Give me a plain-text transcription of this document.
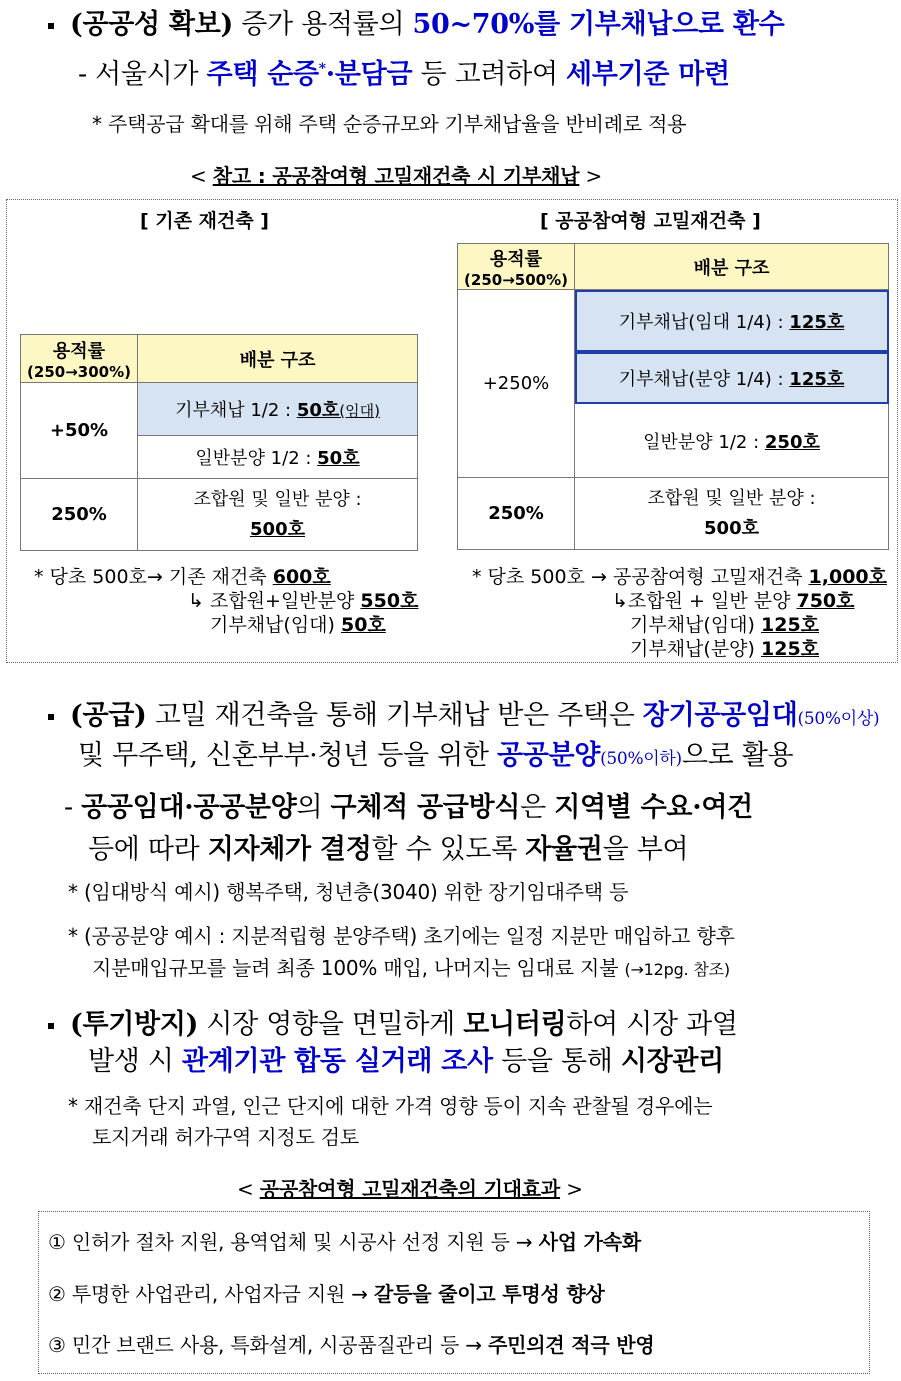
(공공성 확보) 증가 용적률의 50~70%를 기부채납으로 환수
- 서울시가 주택 순증*·분담금 등 고려하여 세부기준 마련
* 주택공급 확대를 위해 주택 순증규모와 기부채납율을 반비례로 적용
< 참고 : 공공참여형 고밀재건축 시 기부채납 >
[ 기존 재건축 ]	[ 공공참여형 고밀재건축 ]
용적률
(250→300%)	배분 구조
+50%	기부채납 1/2 : 50호(임대)
	일반분양 1/2 : 50호
250%	조합원 및 일반 분양 :
500호
용적률
(250→500%)	배분 구조
+250%	기부채납(임대 1/4) : 125호
	기부채납(분양 1/4) : 125호
	일반분양 1/2 : 250호
250%	조합원 및 일반 분양 :
500호
* 당초 500호→ 기존 재건축 600호
↳ 조합원+일반분양 550호
기부채납(임대) 50호
* 당초 500호 → 공공참여형 고밀재건축 1,000호
↳조합원 + 일반 분양 750호
기부채납(임대) 125호
기부채납(분양) 125호
(공급) 고밀 재건축을 통해 기부채납 받은 주택은 장기공공임대(50%이상)
및 무주택, 신혼부부·청년 등을 위한 공공분양(50%이하)으로 활용
- 공공임대·공공분양의 구체적 공급방식은 지역별 수요·여건
등에 따라 지자체가 결정할 수 있도록 자율권을 부여
* (임대방식 예시) 행복주택, 청년층(3040) 위한 장기임대주택 등
* (공공분양 예시 : 지분적립형 분양주택) 초기에는 일정 지분만 매입하고 향후
지분매입규모를 늘려 최종 100% 매입, 나머지는 임대료 지불 (→12pg. 참조)
(투기방지) 시장 영향을 면밀하게 모니터링하여 시장 과열
발생 시 관계기관 합동 실거래 조사 등을 통해 시장관리
* 재건축 단지 과열, 인근 단지에 대한 가격 영향 등이 지속 관찰될 경우에는
토지거래 허가구역 지정도 검토
< 공공참여형 고밀재건축의 기대효과 >
① 인허가 절차 지원, 용역업체 및 시공사 선정 지원 등 → 사업 가속화
② 투명한 사업관리, 사업자금 지원 → 갈등을 줄이고 투명성 향상
③ 민간 브랜드 사용, 특화설계, 시공품질관리 등 → 주민의견 적극 반영
